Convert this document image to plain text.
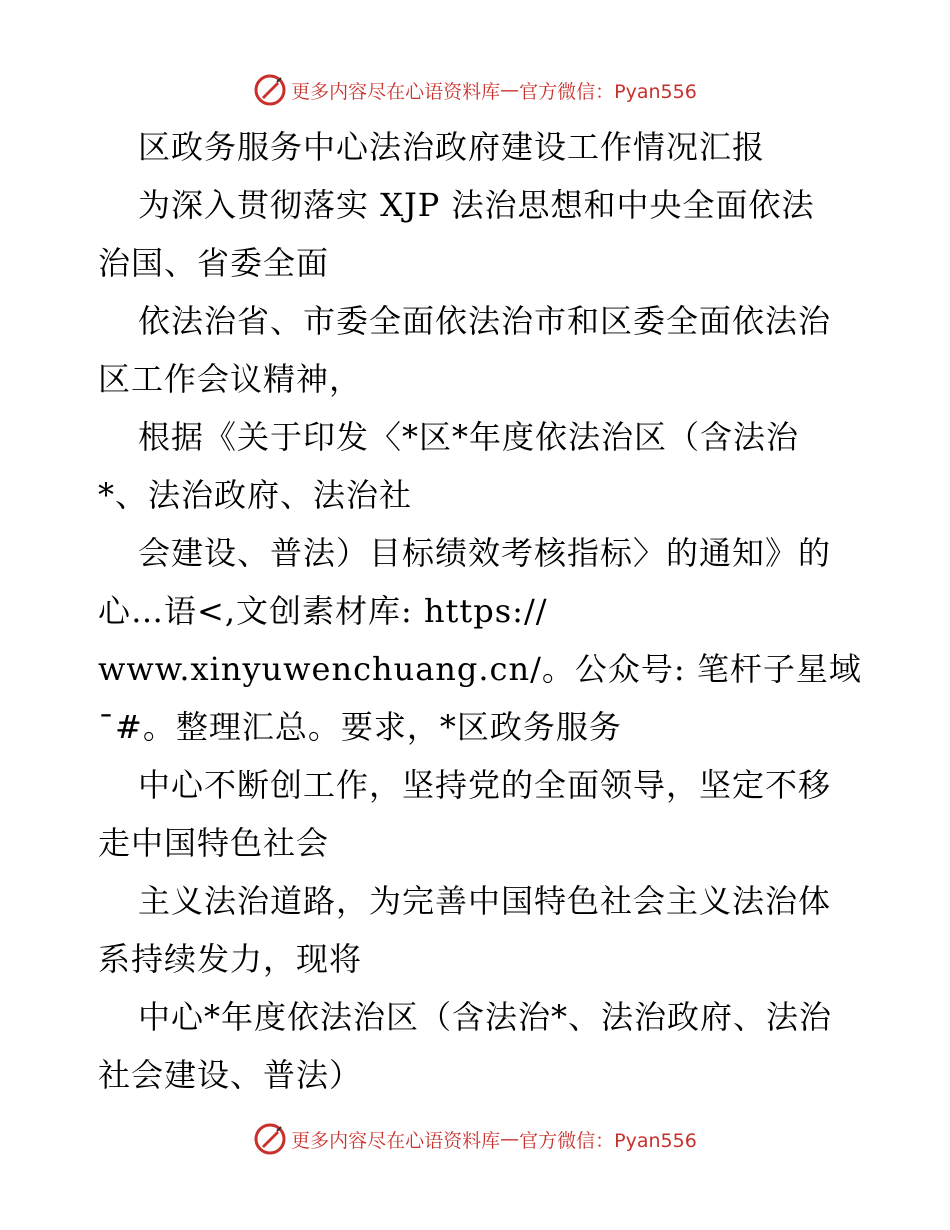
更多内容尽在心语资料库 — 官方微信：Pyan556
区政务服务中心法治政府建设工作情况汇报
为深入贯彻落实 XJP 法治思想和中央全面依法
治国、省委全面
依法治省、市委全面依法治市和区委全面依法治
区工作会议精神，
根据《关于印发〈*区*年度依法治区（含法治
*、法治政府、法治社
会建设、普法）目标绩效考核指标〉的通知》的
心…语<,文创素材库: https://
www.xinyuwenchuang.cn/。公众号: 笔杆子星域
¯#。整理汇总。要求，*区政务服务
中心不断创工作，坚持党的全面领导，坚定不移
走中国特色社会
主义法治道路，为完善中国特色社会主义法治体
系持续发力，现将
中心*年度依法治区（含法治*、法治政府、法治
社会建设、普法）
更多内容尽在心语资料库 — 官方微信：Pyan556
